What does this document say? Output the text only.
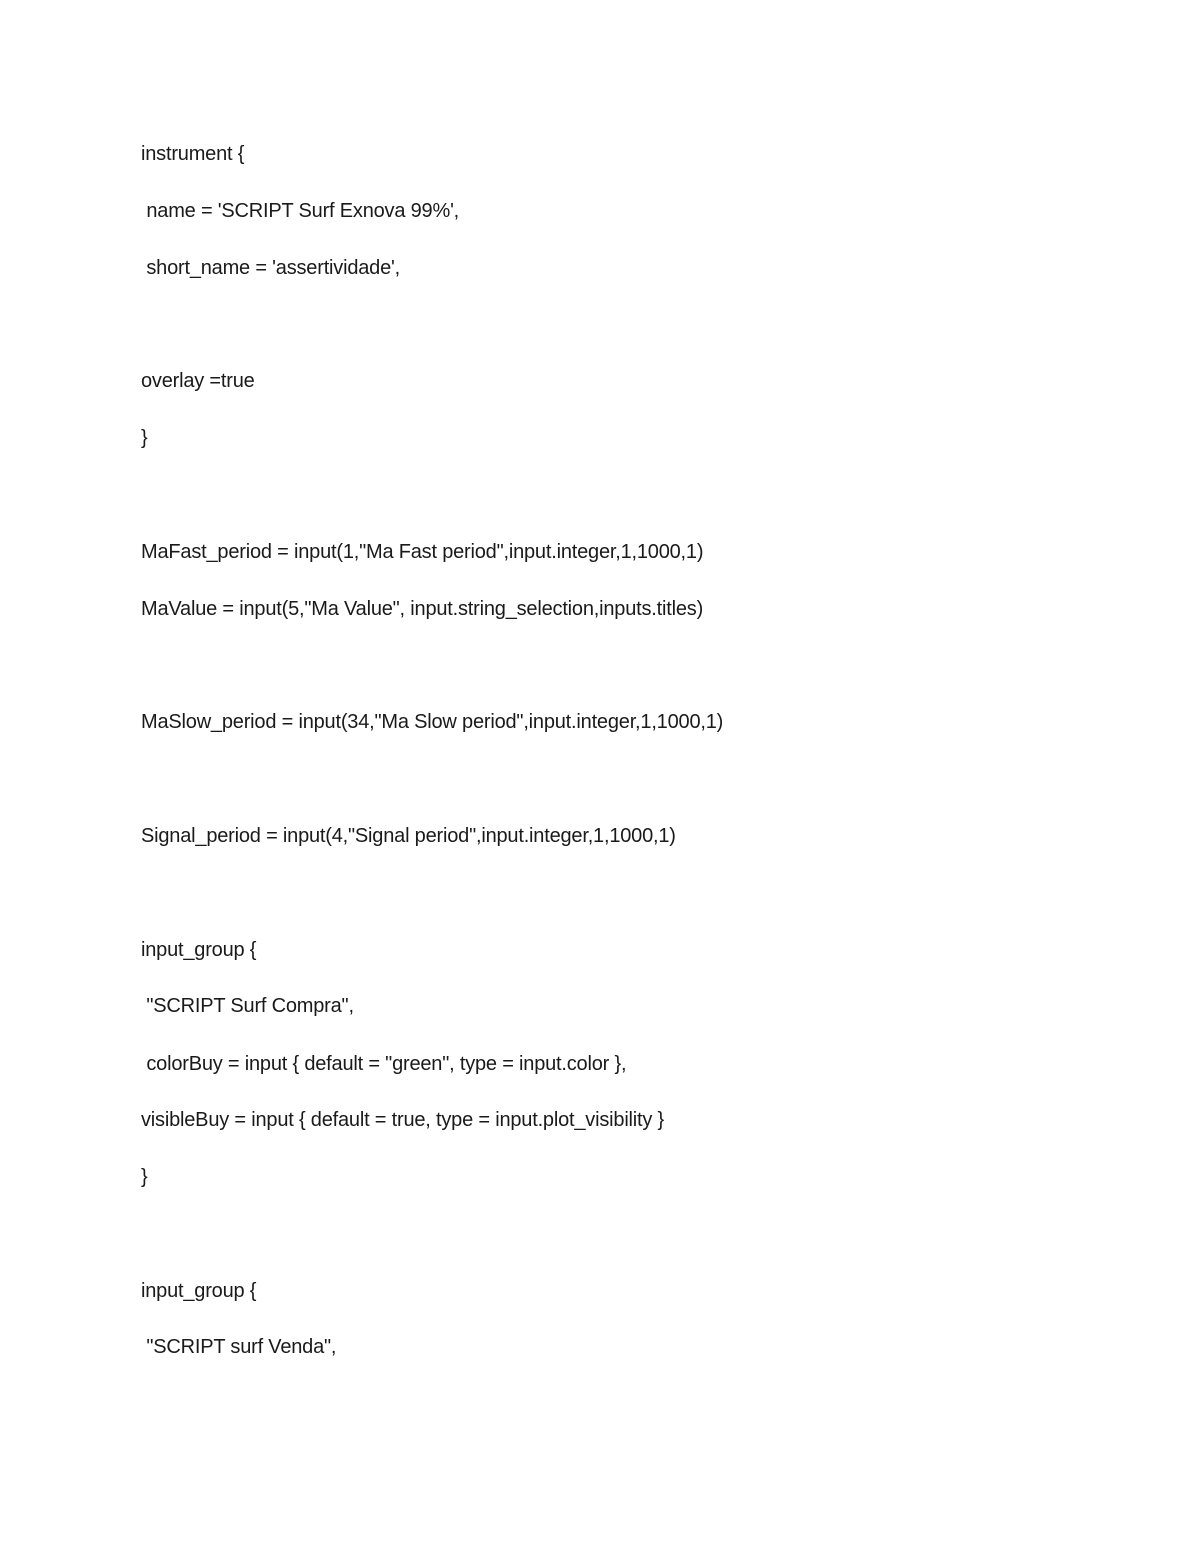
instrument {
name = 'SCRIPT Surf Exnova 99%',
short_name = 'assertividade',
overlay =true
}
MaFast_period = input(1,"Ma Fast period",input.integer,1,1000,1)
MaValue = input(5,"Ma Value", input.string_selection,inputs.titles)
MaSlow_period = input(34,"Ma Slow period",input.integer,1,1000,1)
Signal_period = input(4,"Signal period",input.integer,1,1000,1)
input_group {
"SCRIPT Surf Compra",
colorBuy = input { default = "green", type = input.color },
visibleBuy = input { default = true, type = input.plot_visibility }
}
input_group {
"SCRIPT surf Venda",
